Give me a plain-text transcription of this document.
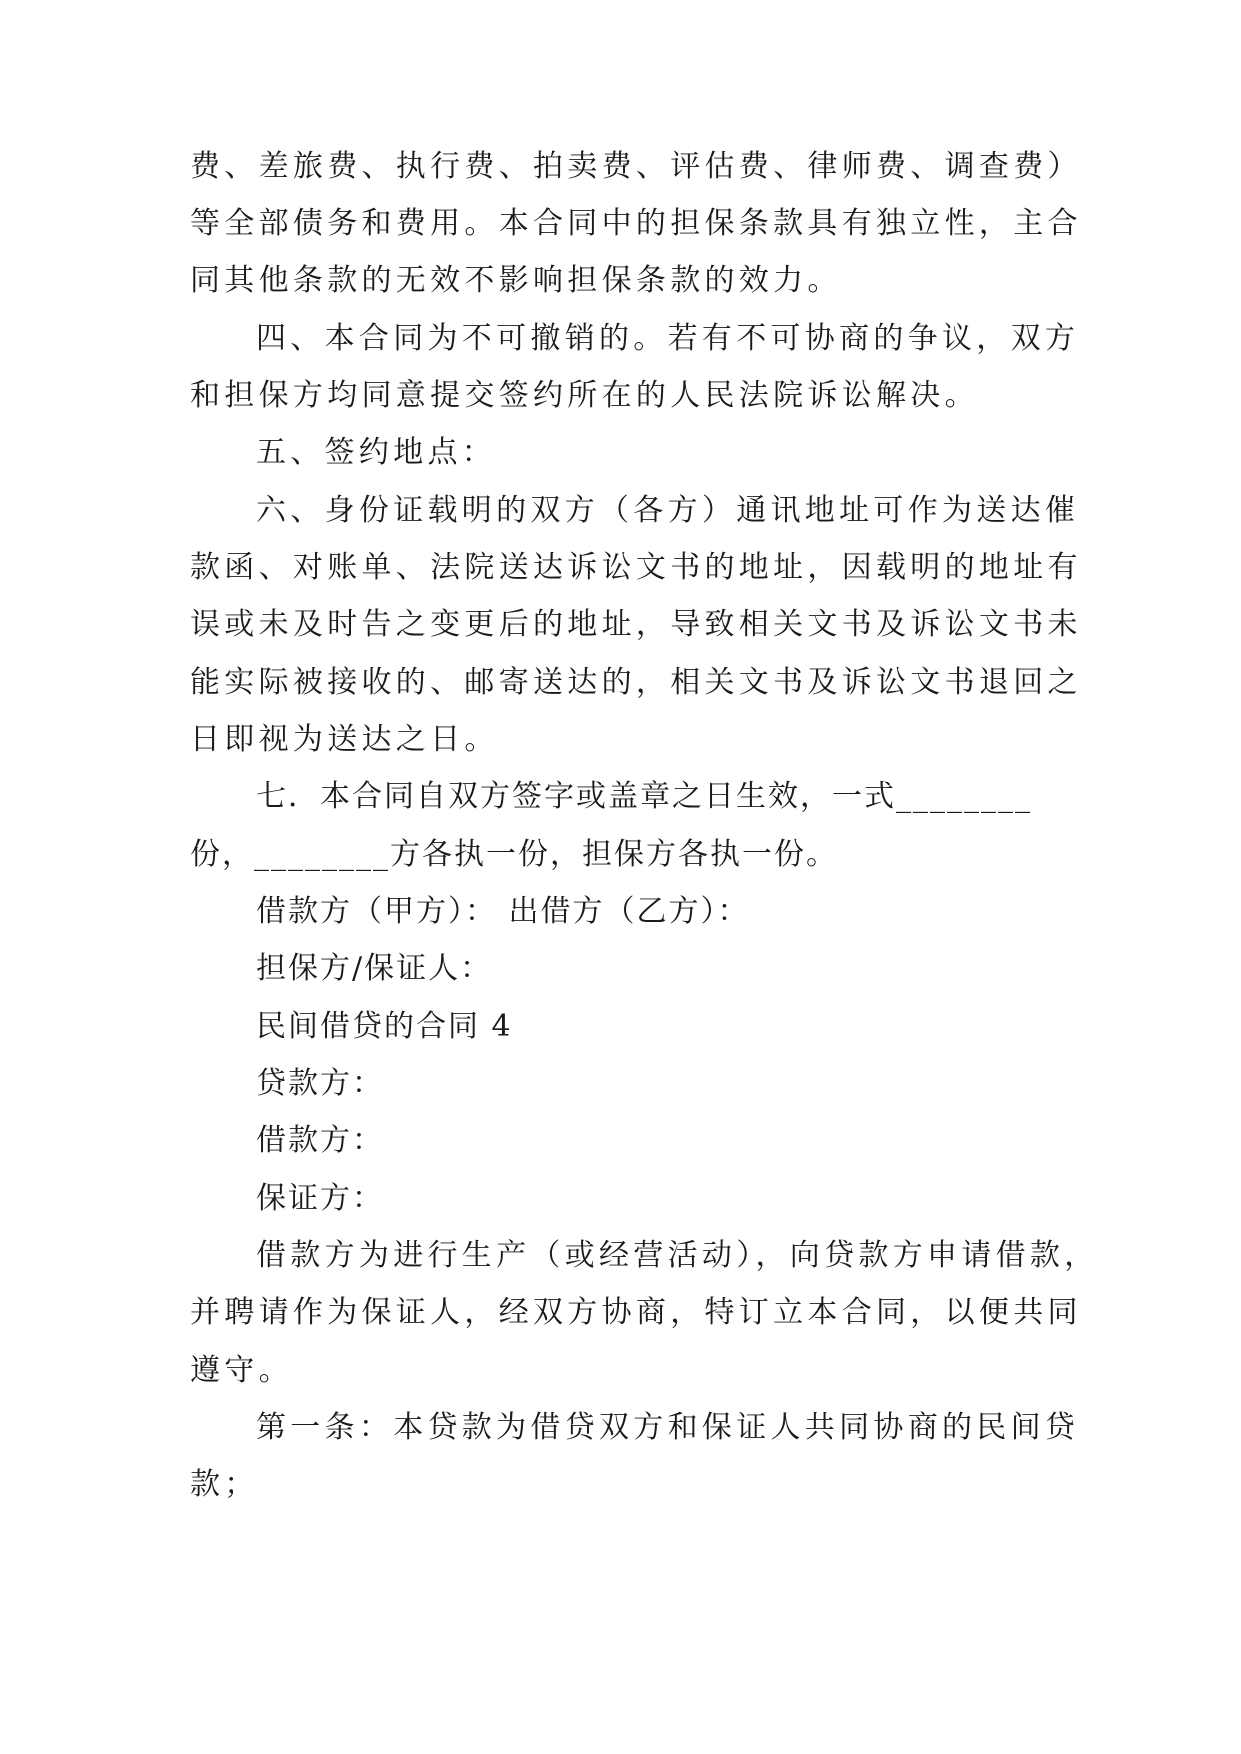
费、差旅费、执行费、拍卖费、评估费、律师费、调查费）
等全部债务和费用。本合同中的担保条款具有独立性，主合
同其他条款的无效不影响担保条款的效力。
四、本合同为不可撤销的。若有不可协商的争议，双方
和担保方均同意提交签约所在的人民法院诉讼解决。
五、签约地点：
六、身份证载明的双方（各方）通讯地址可作为送达催
款函、对账单、法院送达诉讼文书的地址，因载明的地址有
误或未及时告之变更后的地址，导致相关文书及诉讼文书未
能实际被接收的、邮寄送达的，相关文书及诉讼文书退回之
日即视为送达之日。
七．本合同自双方签字或盖章之日生效，一式________
份，________方各执一份，担保方各执一份。
借款方（甲方）： 出借方（乙方）：
担保方/保证人：
民间借贷的合同 4
贷款方：
借款方：
保证方：
借款方为进行生产（或经营活动），向贷款方申请借款，
并聘请作为保证人，经双方协商，特订立本合同，以便共同
遵守。
第一条：本贷款为借贷双方和保证人共同协商的民间贷
款；
